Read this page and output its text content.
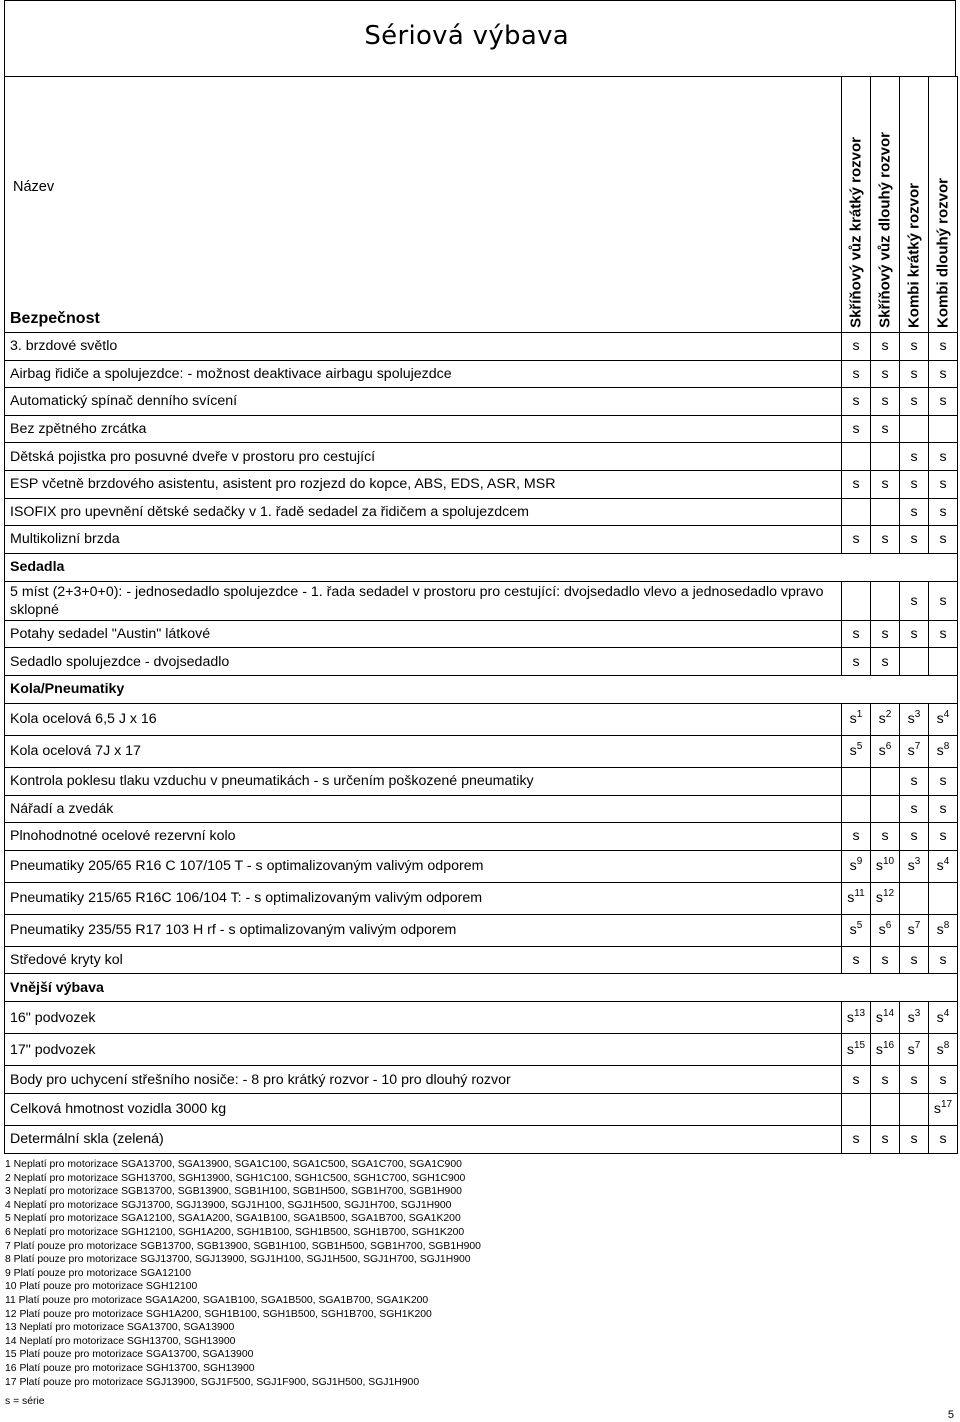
Sériová výbava
Název
Bezpečnost	Skříňový vůz krátký rozvor	Skříňový vůz dlouhý rozvor	Kombi krátký rozvor	Kombi dlouhý rozvor

3. brzdové světlo	s	s	s	s
Airbag řidiče a spolujezdce: - možnost deaktivace airbagu spolujezdce	s	s	s	s
Automatický spínač denního svícení	s	s	s	s
Bez zpětného zrcátka	s	s		
Dětská pojistka pro posuvné dveře v prostoru pro cestující			s	s
ESP včetně brzdového asistentu, asistent pro rozjezd do kopce, ABS, EDS, ASR, MSR	s	s	s	s
ISOFIX pro upevnění dětské sedačky v 1. řadě sedadel za řidičem a spolujezdcem			s	s
Multikolizní brzda	s	s	s	s
Sedadla				
5 míst (2+3+0+0): - jednosedadlo spolujezdce - 1. řada sedadel v prostoru pro cestující: dvojsedadlo vlevo a jednosedadlo vpravo sklopné			s	s
Potahy sedadel "Austin" látkové	s	s	s	s
Sedadlo spolujezdce - dvojsedadlo	s	s		
Kola/Pneumatiky				
Kola ocelová 6,5 J x 16	$s^1$	$s^2$	$s^3$	$s^4$
Kola ocelová 7J x 17	$s^5$	$s^6$	$s^7$	$s^8$
Kontrola poklesu tlaku vzduchu v pneumatikách - s určením poškozené pneumatiky			s	s
Nářadí a zvedák			s	s
Plnohodnotné ocelové rezervní kolo	s	s	s	s
Pneumatiky 205/65 R16 C 107/105 T - s optimalizovaným valivým odporem	$s^9$	$s^{10}$	$s^3$	$s^4$
Pneumatiky 215/65 R16C 106/104 T: - s optimalizovaným valivým odporem	$s^{11}$	$s^{12}$		
Pneumatiky 235/55 R17 103 H rf - s optimalizovaným valivým odporem	$s^5$	$s^6$	$s^7$	$s^8$
Středové kryty kol	s	s	s	s
Vnější výbava				
16" podvozek	$s^{13}$	$s^{14}$	$s^3$	$s^4$
17" podvozek	$s^{15}$	$s^{16}$	$s^7$	$s^8$
Body pro uchycení střešního nosiče: - 8 pro krátký rozvor - 10 pro dlouhý rozvor	s	s	s	s
Celková hmotnost vozidla 3000 kg				$s^{17}$
Determální skla (zelená)	s	s	s	s
1 Neplatí pro motorizace SGA13700, SGA13900, SGA1C100, SGA1C500, SGA1C700, SGA1C900
2 Neplatí pro motorizace SGH13700, SGH13900, SGH1C100, SGH1C500, SGH1C700, SGH1C900
3 Neplatí pro motorizace SGB13700, SGB13900, SGB1H100, SGB1H500, SGB1H700, SGB1H900
4 Neplatí pro motorizace SGJ13700, SGJ13900, SGJ1H100, SGJ1H500, SGJ1H700, SGJ1H900
5 Neplatí pro motorizace SGA12100, SGA1A200, SGA1B100, SGA1B500, SGA1B700, SGA1K200
6 Neplatí pro motorizace SGH12100, SGH1A200, SGH1B100, SGH1B500, SGH1B700, SGH1K200
7 Platí pouze pro motorizace SGB13700, SGB13900, SGB1H100, SGB1H500, SGB1H700, SGB1H900
8 Platí pouze pro motorizace SGJ13700, SGJ13900, SGJ1H100, SGJ1H500, SGJ1H700, SGJ1H900
9 Platí pouze pro motorizace SGA12100
10 Platí pouze pro motorizace SGH12100
11 Platí pouze pro motorizace SGA1A200, SGA1B100, SGA1B500, SGA1B700, SGA1K200
12 Platí pouze pro motorizace SGH1A200, SGH1B100, SGH1B500, SGH1B700, SGH1K200
13 Neplatí pro motorizace SGA13700, SGA13900
14 Neplatí pro motorizace SGH13700, SGH13900
15 Platí pouze pro motorizace SGA13700, SGA13900
16 Platí pouze pro motorizace SGH13700, SGH13900
17 Platí pouze pro motorizace SGJ13900, SGJ1F500, SGJ1F900, SGJ1H500, SGJ1H900
s = série
5
